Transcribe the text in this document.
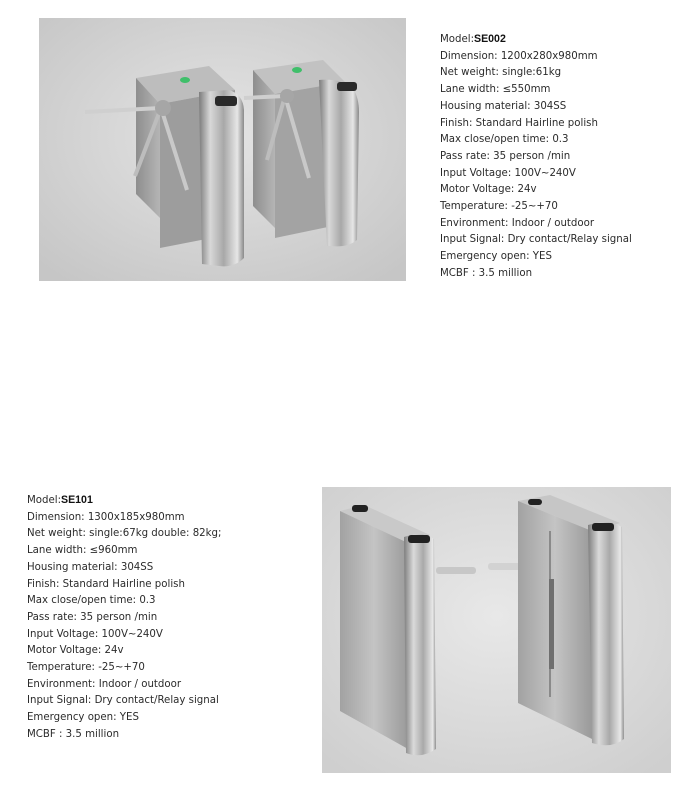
Model:SE002
Dimension: 1200x280x980mm
Net weight: single:61kg
Lane width: ≤550mm
Housing material: 304SS
Finish: Standard Hairline polish
Max close/open time: 0.3
Pass rate: 35 person /min
Input Voltage: 100V~240V
Motor Voltage: 24v
Temperature: -25~+70
Environment: Indoor / outdoor
Input Signal: Dry contact/Relay signal
Emergency open: YES
MCBF : 3.5 million
Model:SE101
Dimension: 1300x185x980mm
Net weight: single:67kg double: 82kg;
Lane width: ≤960mm
Housing material: 304SS
Finish: Standard Hairline polish
Max close/open time: 0.3
Pass rate: 35 person /min
Input Voltage: 100V~240V
Motor Voltage: 24v
Temperature: -25~+70
Environment: Indoor / outdoor
Input Signal: Dry contact/Relay signal
Emergency open: YES
MCBF : 3.5 million
